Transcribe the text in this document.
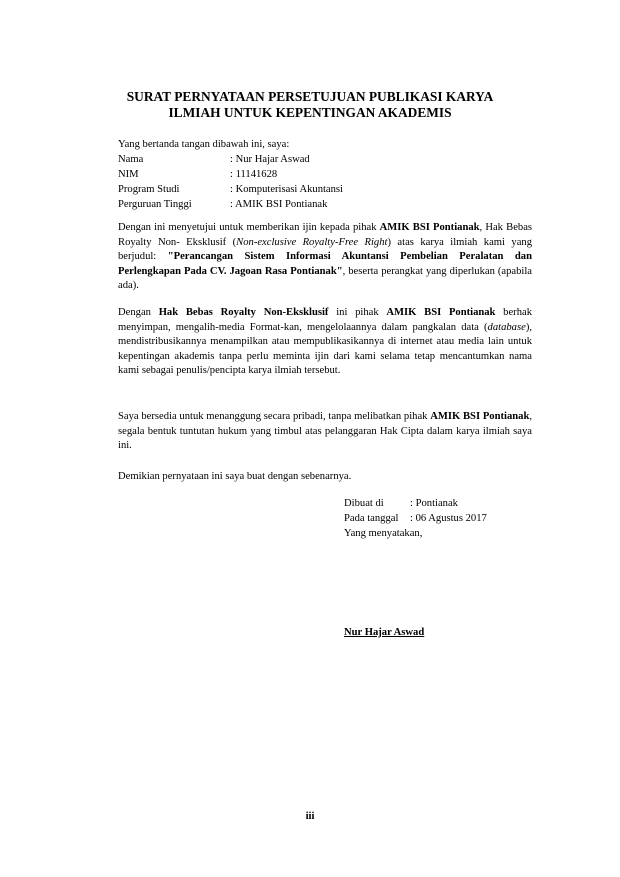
SURAT PERNYATAAN PERSETUJUAN PUBLIKASI KARYA
ILMIAH UNTUK KEPENTINGAN AKADEMIS
Yang bertanda tangan dibawah ini, saya:
Nama	: Nur Hajar Aswad
NIM	: 11141628
Program Studi	: Komputerisasi Akuntansi
Perguruan Tinggi	: AMIK BSI Pontianak
Dengan ini menyetujui untuk memberikan ijin kepada pihak AMIK BSI Pontianak, Hak Bebas Royalty Non- Eksklusif (Non-exclusive Royalty-Free Right) atas karya ilmiah kami yang berjudul: "Perancangan Sistem Informasi Akuntansi Pembelian Peralatan dan Perlengkapan Pada CV. Jagoan Rasa Pontianak", beserta perangkat yang diperlukan (apabila ada).
Dengan Hak Bebas Royalty Non-Eksklusif ini pihak AMIK BSI Pontianak berhak menyimpan, mengalih-media Format-kan, mengelolaannya dalam pangkalan data (database), mendistribusikannya menampilkan atau mempublikasikannya di internet atau media lain untuk kepentingan akademis tanpa perlu meminta ijin dari kami selama tetap mencantumkan nama kami sebagai penulis/pencipta karya ilmiah tersebut.
Saya bersedia untuk menanggung secara pribadi, tanpa melibatkan pihak AMIK BSI Pontianak, segala bentuk tuntutan hukum yang timbul atas pelanggaran Hak Cipta dalam karya ilmiah saya ini.
Demikian pernyataan ini saya buat dengan sebenarnya.
Dibuat di	: Pontianak
Pada tanggal	: 06 Agustus 2017
Yang menyatakan,
Nur Hajar Aswad
iii
